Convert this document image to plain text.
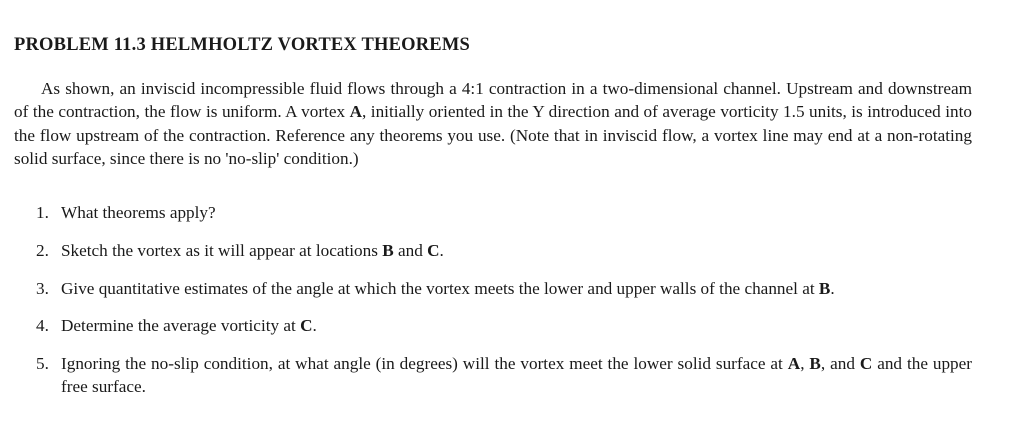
PROBLEM 11.3 HELMHOLTZ VORTEX THEOREMS

As shown, an inviscid incompressible fluid flows through a 4:1 contraction in a two-dimensional channel. Upstream and downstream of the contraction, the flow is uniform. A vortex A, initially oriented in the Y direction and of average vorticity 1.5 units, is introduced into the flow upstream of the contraction. Reference any theorems you use. (Note that in inviscid flow, a vortex line may end at a non-rotating solid surface, since there is no 'no-slip' condition.)

1. What theorems apply?
2. Sketch the vortex as it will appear at locations B and C.
3. Give quantitative estimates of the angle at which the vortex meets the lower and upper walls of the channel at B.
4. Determine the average vorticity at C.
5. Ignoring the no-slip condition, at what angle (in degrees) will the vortex meet the lower solid surface at A, B, and C and the upper free surface.
